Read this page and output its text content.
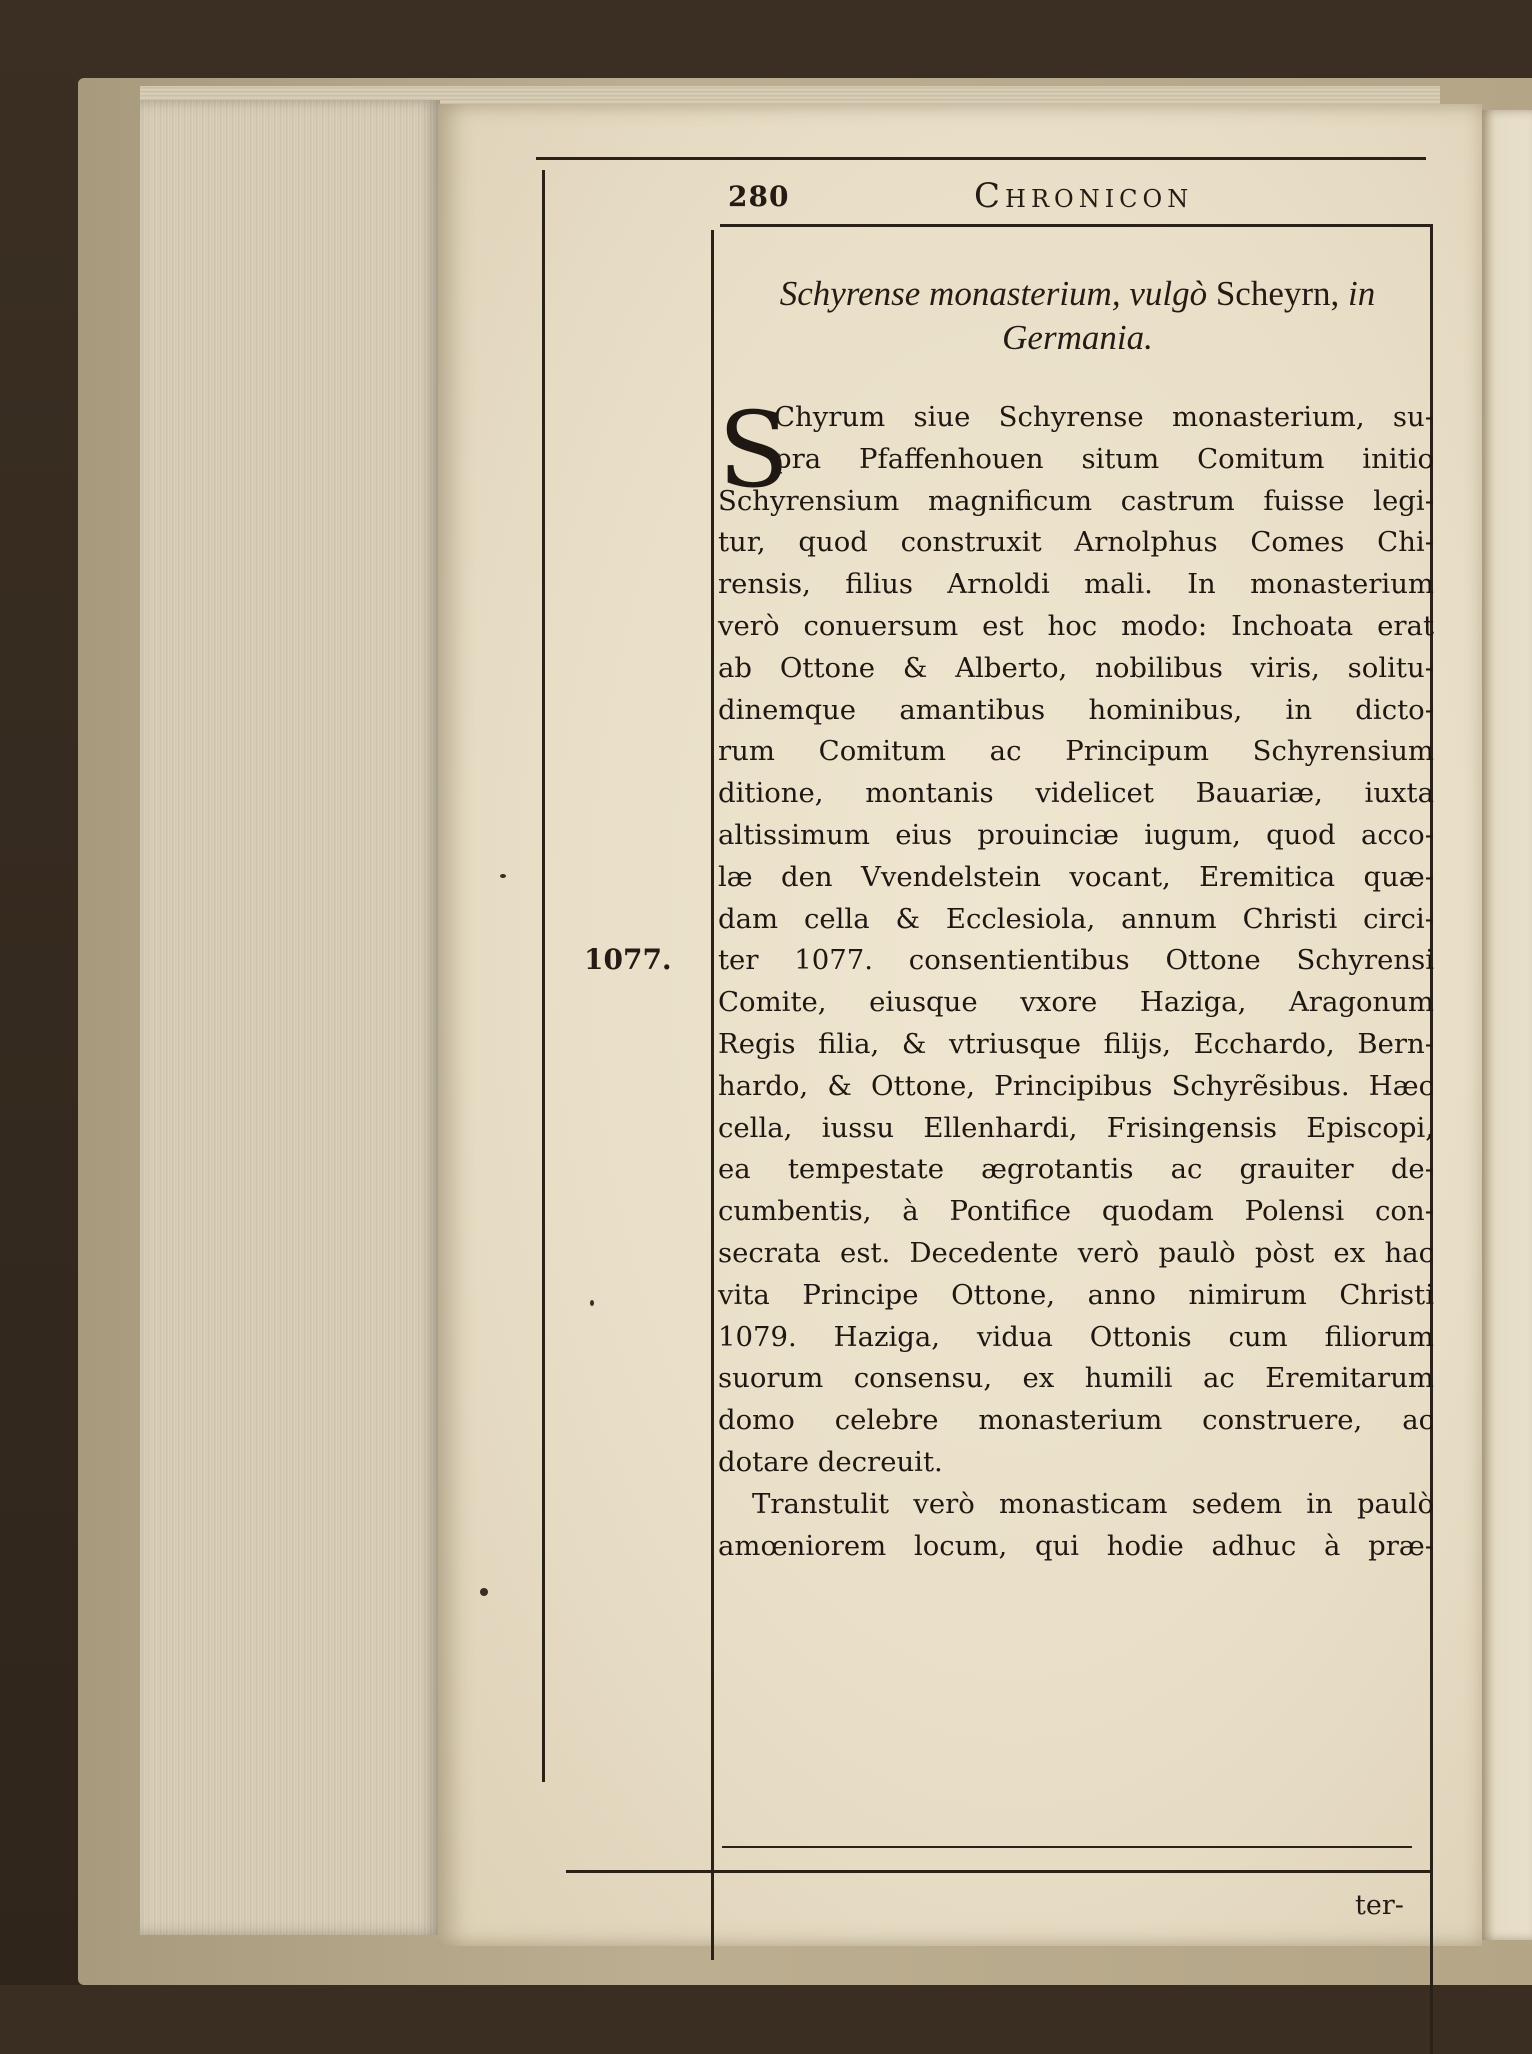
280	Chronicon
Schyrense monasterium, vulgò Scheyrn, in
Germania.
S
1077.
Chyrum siue Schyrense monasterium, su-
pra Pfaffenhouen situm Comitum initio
Schyrensium magnificum castrum fuisse legi-
tur, quod construxit Arnolphus Comes Chi-
rensis, filius Arnoldi mali. In monasterium
verò conuersum est hoc modo: Inchoata erat
ab Ottone & Alberto, nobilibus viris, solitu-
dinemque amantibus hominibus, in dicto-
rum Comitum ac Principum Schyrensium
ditione, montanis videlicet Bauariæ, iuxta
altissimum eius prouinciæ iugum, quod acco-
læ den Vvendelstein vocant, Eremitica quæ-
dam cella & Ecclesiola, annum Christi circi-
ter 1077. consentientibus Ottone Schyrensi
Comite, eiusque vxore Haziga, Aragonum
Regis filia, & vtriusque filijs, Ecchardo, Bern-
hardo, & Ottone, Principibus Schyrẽsibus. Hæc
cella, iussu Ellenhardi, Frisingensis Episcopi,
ea tempestate ægrotantis ac grauiter de-
cumbentis, à Pontifice quodam Polensi con-
secrata est. Decedente verò paulò pòst ex hac
vita Principe Ottone, anno nimirum Christi
1079. Haziga, vidua Ottonis cum filiorum
suorum consensu, ex humili ac Eremitarum
domo celebre monasterium construere, ac
dotare decreuit.
Transtulit verò monasticam sedem in paulò
amœniorem locum, qui hodie adhuc à præ-
ter-
